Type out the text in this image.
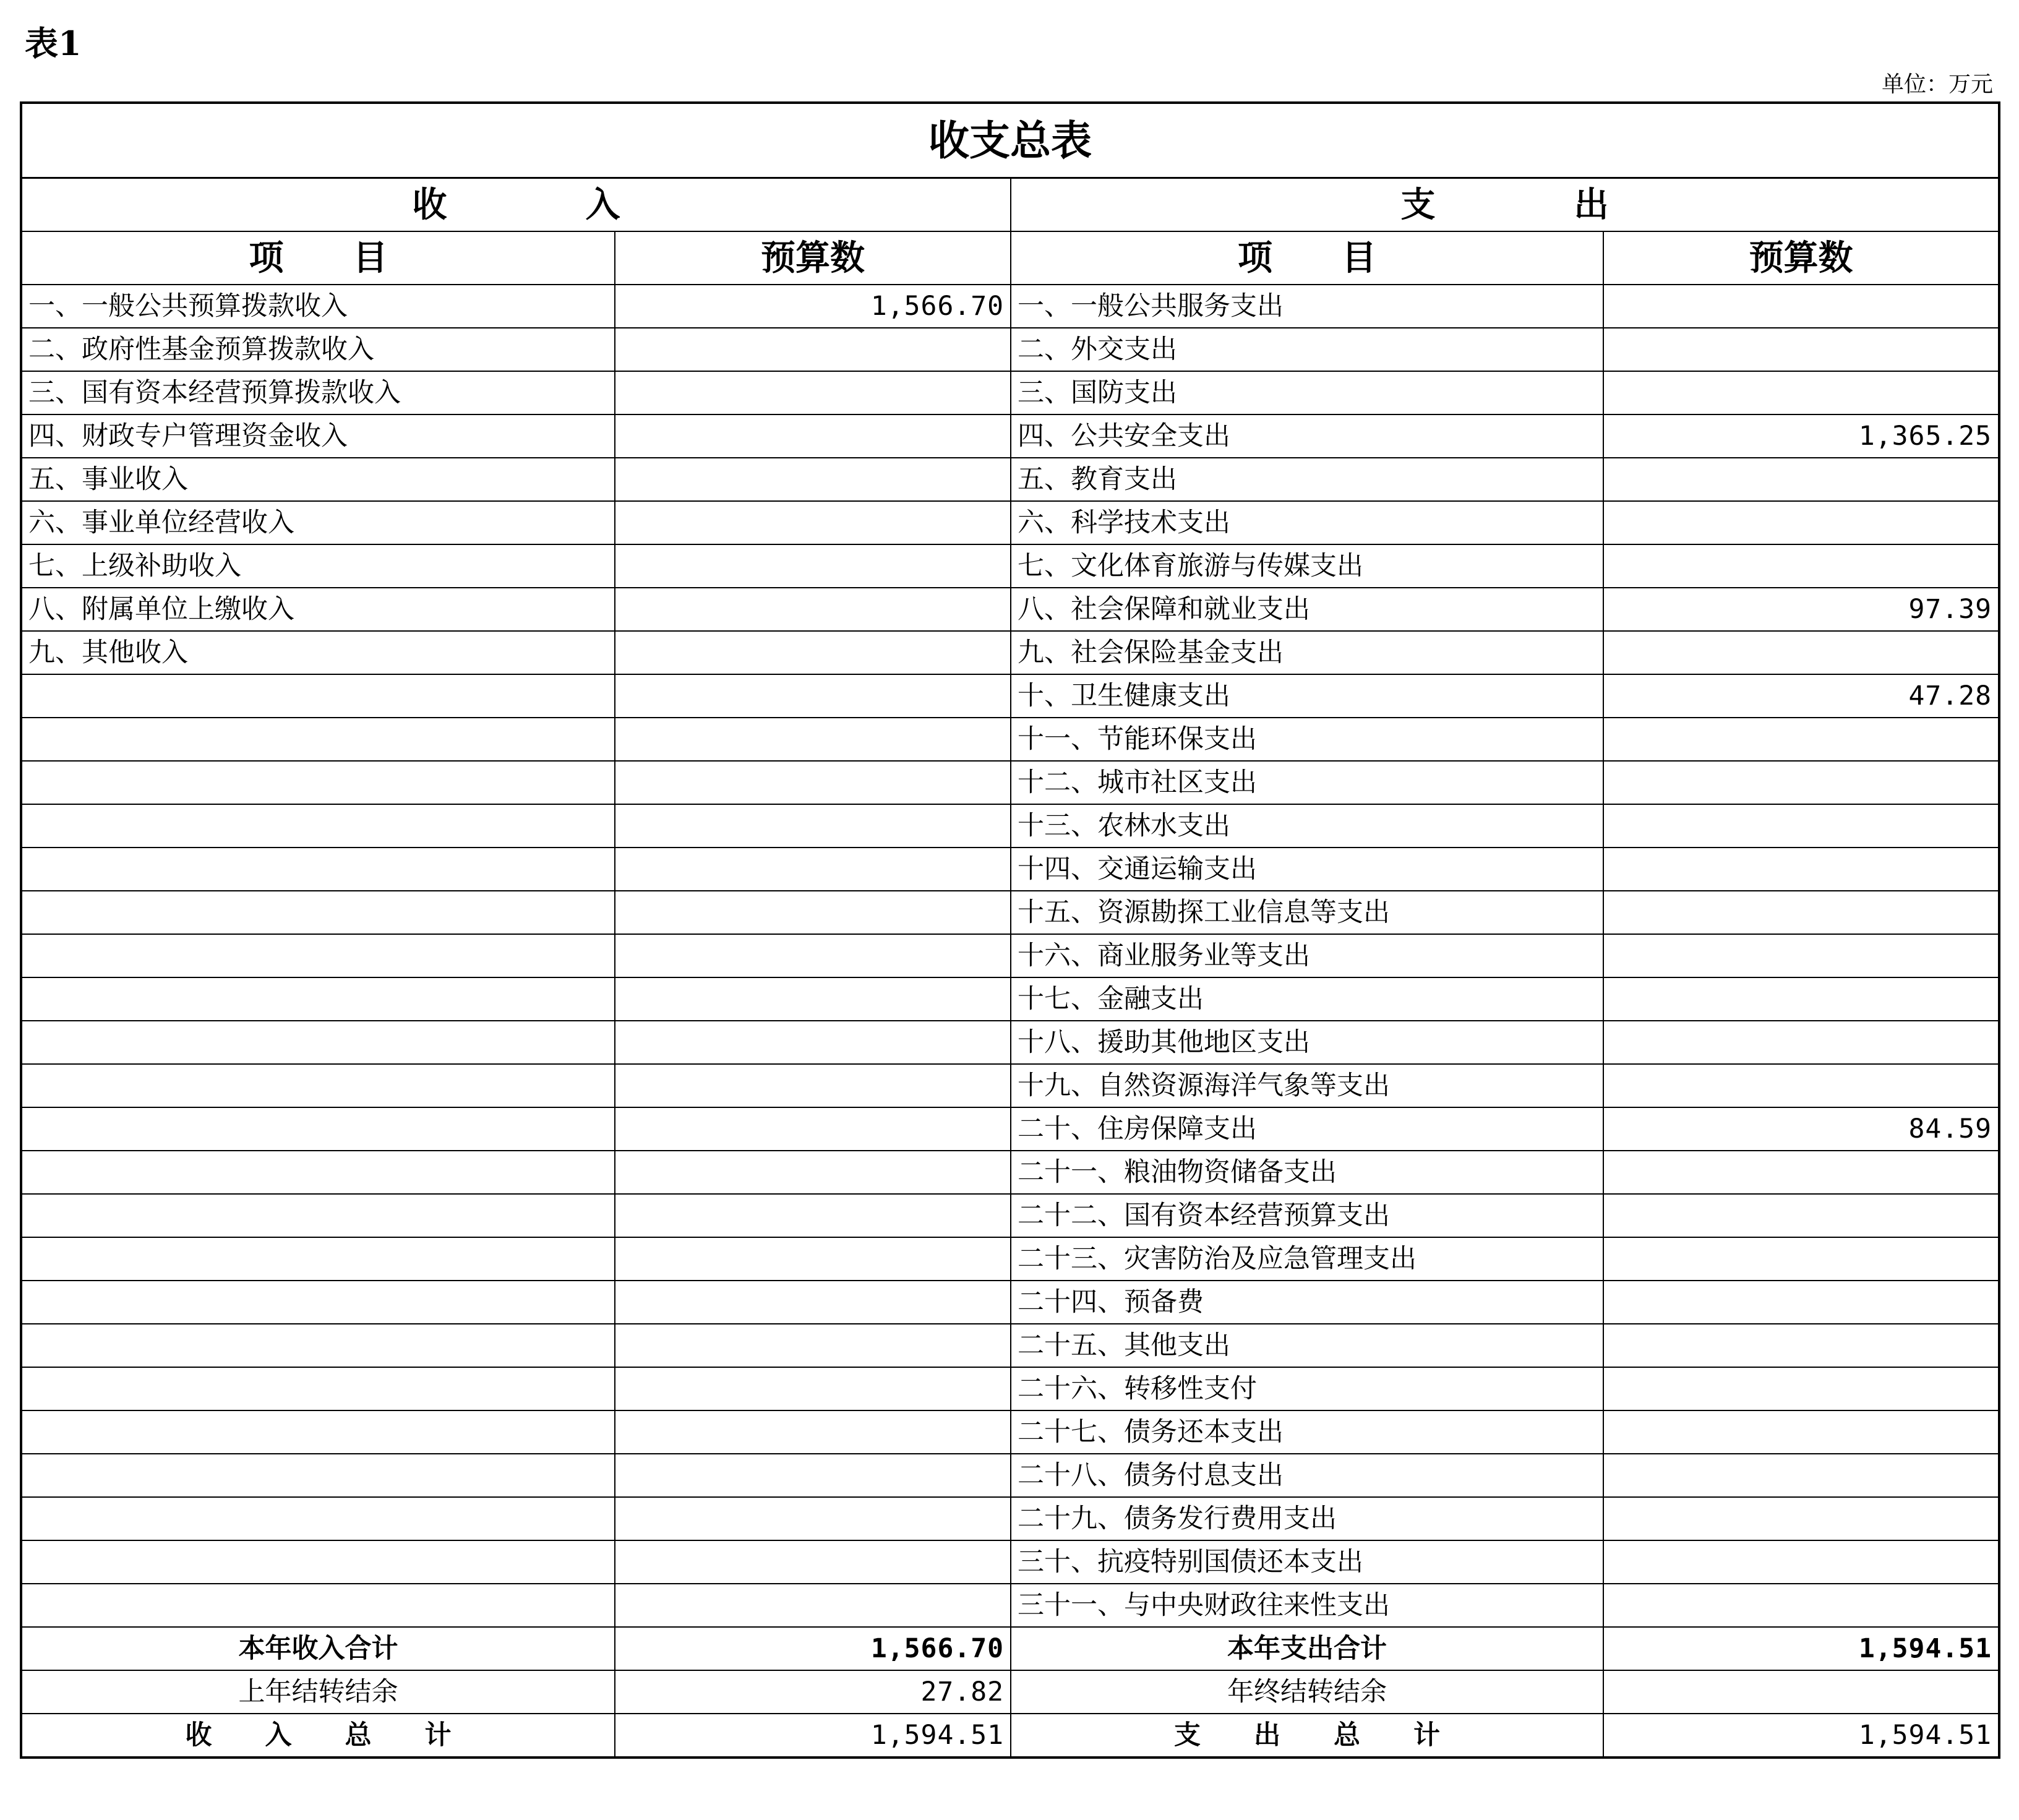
表1
单位：万元
收支总表			
收　　　　入		支　　　　出	
项　　目	预算数	项　　目	预算数
一、一般公共预算拨款收入	1,566.70	一、一般公共服务支出	
二、政府性基金预算拨款收入		二、外交支出	
三、国有资本经营预算拨款收入		三、国防支出	
四、财政专户管理资金收入		四、公共安全支出	1,365.25
五、事业收入		五、教育支出	
六、事业单位经营收入		六、科学技术支出	
七、上级补助收入		七、文化体育旅游与传媒支出	
八、附属单位上缴收入		八、社会保障和就业支出	97.39
九、其他收入		九、社会保险基金支出	
		十、卫生健康支出	47.28
		十一、节能环保支出	
		十二、城市社区支出	
		十三、农林水支出	
		十四、交通运输支出	
		十五、资源勘探工业信息等支出	
		十六、商业服务业等支出	
		十七、金融支出	
		十八、援助其他地区支出	
		十九、自然资源海洋气象等支出	
		二十、住房保障支出	84.59
		二十一、粮油物资储备支出	
		二十二、国有资本经营预算支出	
		二十三、灾害防治及应急管理支出	
		二十四、预备费	
		二十五、其他支出	
		二十六、转移性支付	
		二十七、债务还本支出	
		二十八、债务付息支出	
		二十九、债务发行费用支出	
		三十、抗疫特别国债还本支出	
		三十一、与中央财政往来性支出	
本年收入合计	1,566.70	本年支出合计	1,594.51
上年结转结余	27.82	年终结转结余	
收　　入　　总　　计	1,594.51	支　　出　　总　　计	1,594.51
